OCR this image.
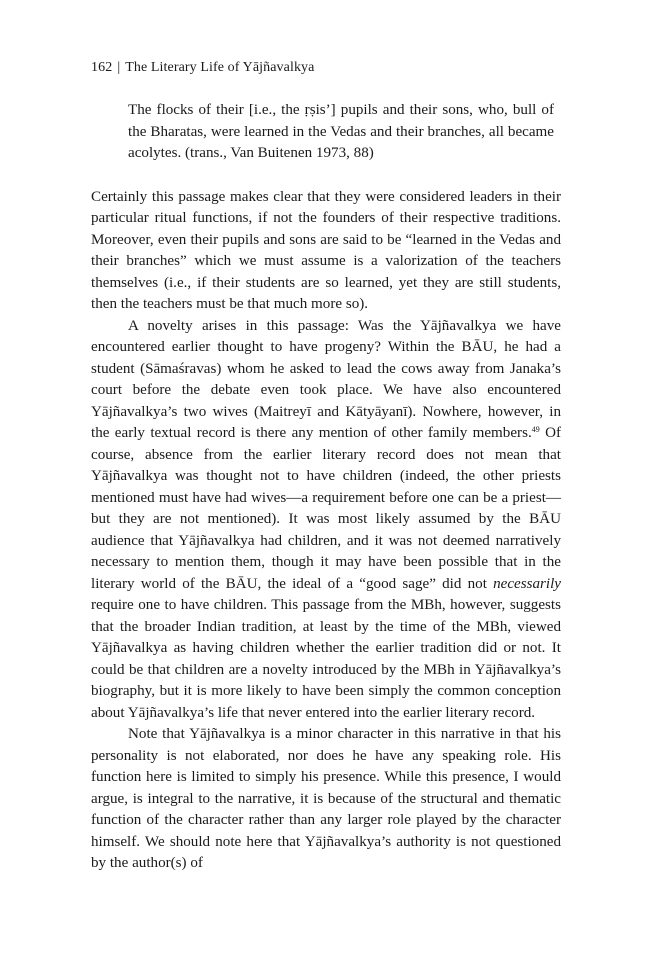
162 | The Literary Life of Yājñavalkya
The flocks of their [i.e., the ṛṣis’] pupils and their sons, who, bull of the Bharatas, were learned in the Vedas and their branches, all became acolytes. (trans., Van Buitenen 1973, 88)

Certainly this passage makes clear that they were considered leaders in their particular ritual functions, if not the founders of their respective traditions. Moreover, even their pupils and sons are said to be “learned in the Vedas and their branches” which we must assume is a valorization of the teachers themselves (i.e., if their students are so learned, yet they are still students, then the teachers must be that much more so).

A novelty arises in this passage: Was the Yājñavalkya we have encountered earlier thought to have progeny? Within the BĀU, he had a student (Sāmaśravas) whom he asked to lead the cows away from Janaka’s court before the debate even took place. We have also encountered Yājñavalkya’s two wives (Maitreyī and Kātyāyanī). Nowhere, however, in the early textual record is there any mention of other family members.$^{49}$ Of course, absence from the earlier literary record does not mean that Yājñavalkya was thought not to have children (indeed, the other priests mentioned must have had wives—a requirement before one can be a priest—but they are not mentioned). It was most likely assumed by the BĀU audience that Yājñavalkya had children, and it was not deemed narratively necessary to mention them, though it may have been possible that in the literary world of the BĀU, the ideal of a “good sage” did not necessarily require one to have children. This passage from the MBh, however, suggests that the broader Indian tradition, at least by the time of the MBh, viewed Yājñavalkya as having children whether the earlier tradition did or not. It could be that children are a novelty introduced by the MBh in Yājñavalkya’s biography, but it is more likely to have been simply the common conception about Yājñavalkya’s life that never entered into the earlier literary record.

Note that Yājñavalkya is a minor character in this narrative in that his personality is not elaborated, nor does he have any speaking role. His function here is limited to simply his presence. While this presence, I would argue, is integral to the narrative, it is because of the structural and thematic function of the character rather than any larger role played by the character himself. We should note here that Yājñavalkya’s authority is not questioned by the author(s) of
